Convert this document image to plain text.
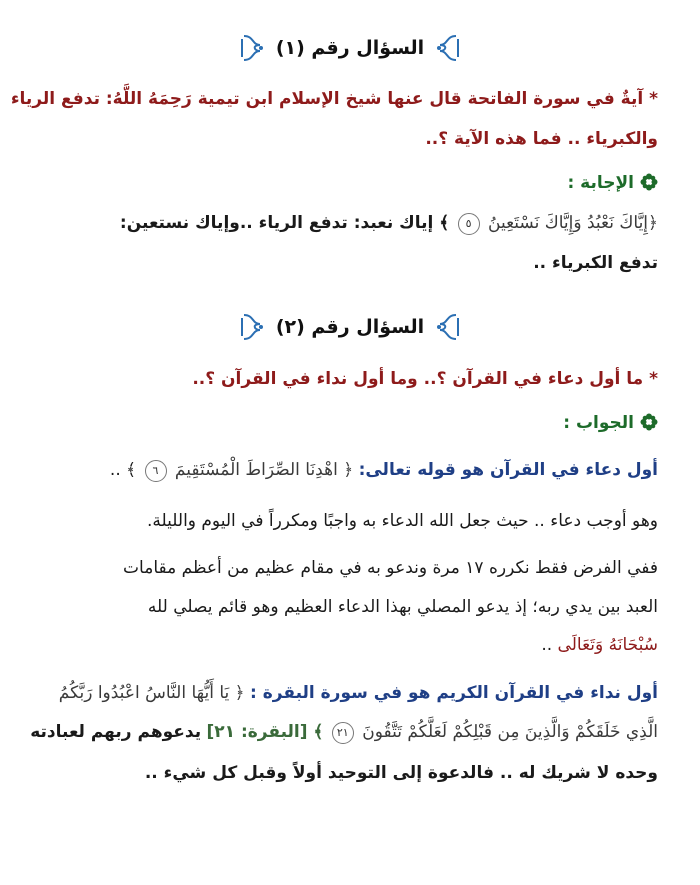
السؤال رقم (١)
* آيةٌ في سورة الفاتحة قال عنها شيخ الإسلام ابن تيمية رَحِمَهُ اللَّهُ: تدفع الرياء
والكبرياء .. فما هذه الآية ؟..
الإجابة :
﴿إِيَّاكَ نَعْبُدُ وَإِيَّاكَ نَسْتَعِينُ ٥ ﴾ إياك نعبد: تدفع الرياء ..وإياك نستعين:
تدفع الكبرياء ..
السؤال رقم (٢)
* ما أول دعاء في القرآن ؟.. وما أول نداء في القرآن ؟..
الجواب :
أول دعاء في القرآن هو قوله تعالى: ﴿ اهْدِنَا الصِّرَاطَ الْمُسْتَقِيمَ ٦ ﴾ ..
وهو أوجب دعاء .. حيث جعل الله الدعاء به واجبًا ومكرراً في اليوم والليلة.
ففي الفرض فقط نكرره ١٧ مرة وندعو به في مقام عظيم من أعظم مقامات
العبد بين يدي ربه؛ إذ يدعو المصلي بهذا الدعاء العظيم وهو قائم يصلي لله
سُبْحَانَهُ وَتَعَالَى ..
أول نداء في القرآن الكريم هو في سورة البقرة : ﴿ يَا أَيُّهَا النَّاسُ اعْبُدُوا رَبَّكُمُ
الَّذِي خَلَقَكُمْ وَالَّذِينَ مِن قَبْلِكُمْ لَعَلَّكُمْ تَتَّقُونَ ٢١ ﴾ [البقرة: ٢١] يدعوهم ربهم لعبادته
وحده لا شريك له .. فالدعوة إلى التوحيد أولاً وقبل كل شيء ..
